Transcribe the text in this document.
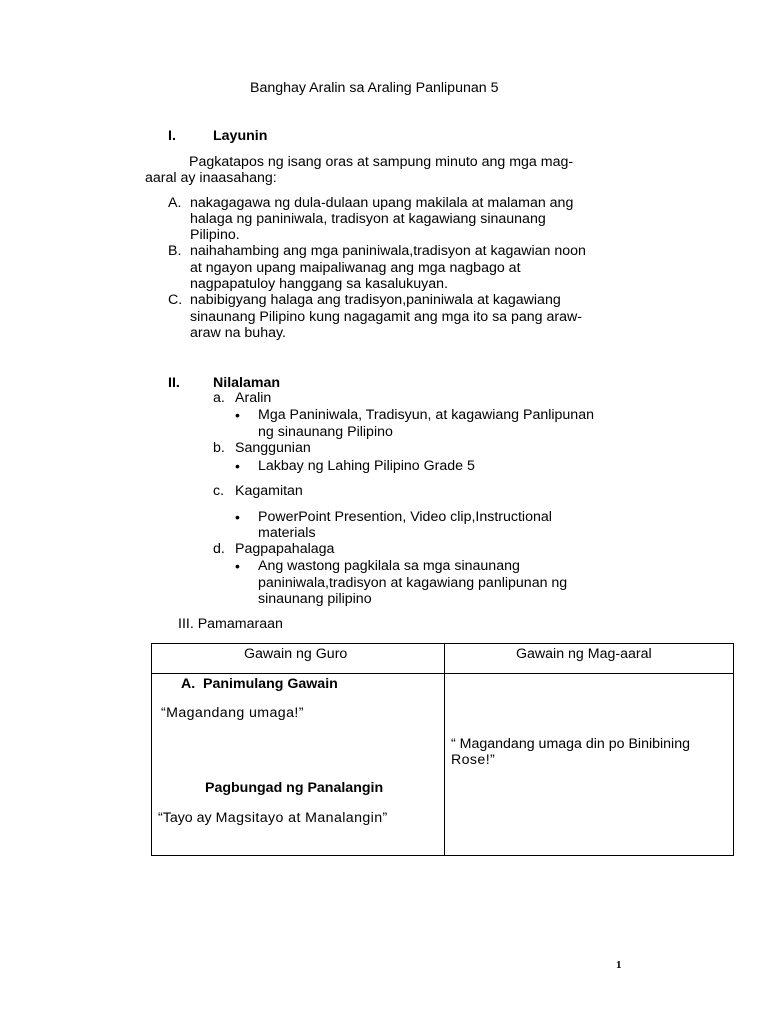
Banghay Aralin sa Araling Panlipunan 5
I.	Layunin
Pagkatapos ng isang oras at sampung minuto ang mga mag-
aaral ay inaasahang:
A. nakagagawa ng dula-dulaan upang makilala at malaman ang
halaga ng paniniwala, tradisyon at kagawiang sinaunang
Pilipino.
B. naihahambing ang mga paniniwala,tradisyon at kagawian noon
at ngayon upang maipaliwanag ang mga nagbago at
nagpapatuloy hanggang sa kasalukuyan.
C. nabibigyang halaga ang tradisyon,paniniwala at kagawiang
sinaunang Pilipino kung nagagamit ang mga ito sa pang araw-
araw na buhay.
II. Nilalaman
a. Aralin
• Mga Paniniwala, Tradisyun, at kagawiang Panlipunan
ng sinaunang Pilipino
b. Sanggunian
• Lakbay ng Lahing Pilipino Grade 5
c. Kagamitan
• PowerPoint Presention, Video clip,Instructional
materials
d. Pagpapahalaga
• Ang wastong pagkilala sa mga sinaunang
paniniwala,tradisyon at kagawiang panlipunan ng
sinaunang pilipino
III. Pamamaraan
Gawain ng Guro	Gawain ng Mag-aaral

A. Panimulang Gawain
“Magandang umaga!”
Pagbungad ng Panalangin
“Tayo ay Magsitayo at Manalangin”	“ Magandang umaga din po Binibining
Rose!”
1
